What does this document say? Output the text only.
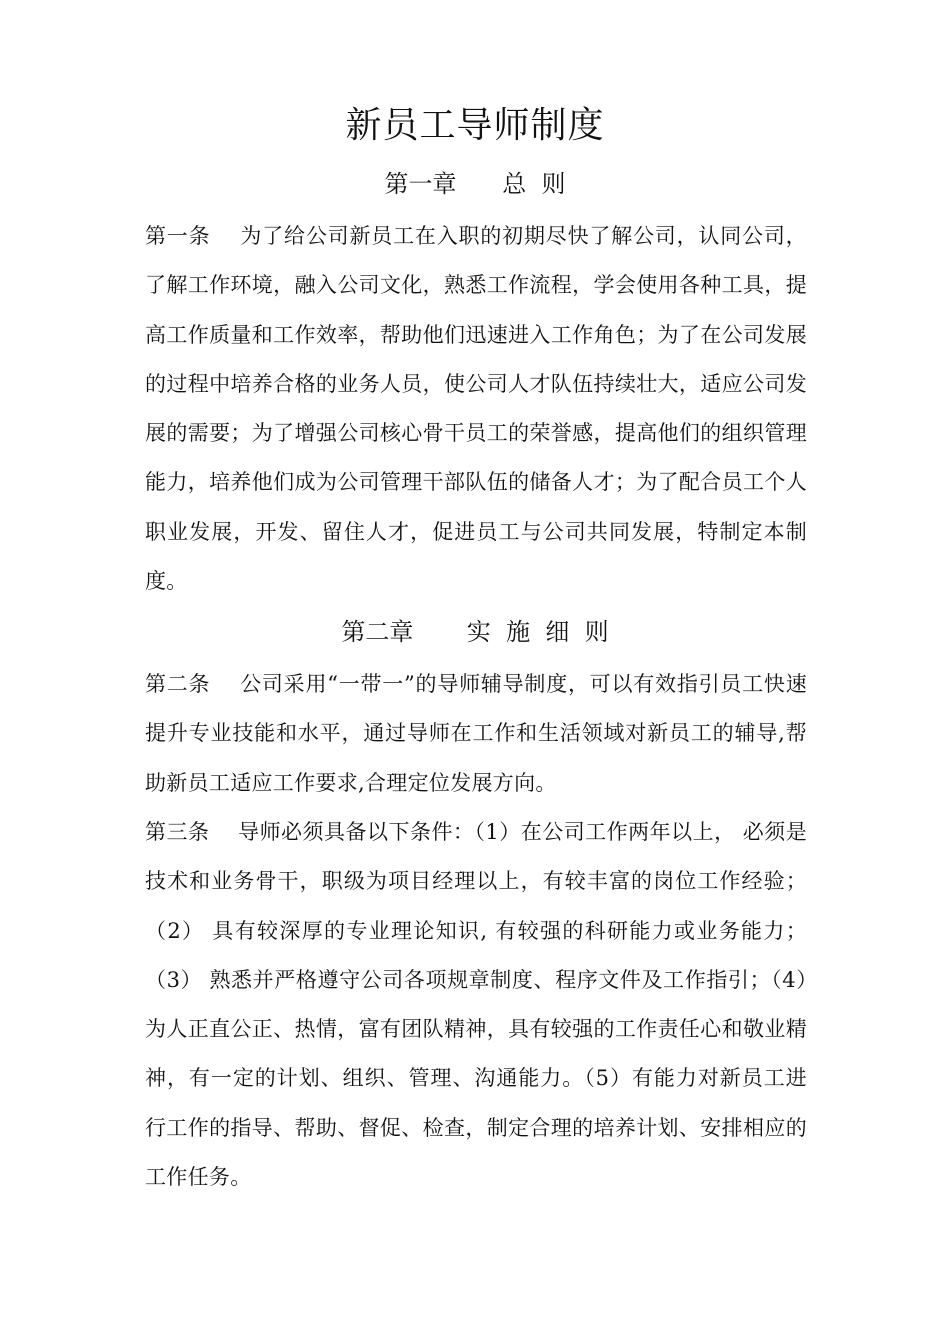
新员工导师制度
第一章      总  则

第一条 为了给公司新员工在入职的初期尽快了解公司，认同公司，了解工作环境，融入公司文化，熟悉工作流程，学会使用各种工具，提高工作质量和工作效率，帮助他们迅速进入工作角色；为了在公司发展的过程中培养合格的业务人员，使公司人才队伍持续壮大，适应公司发展的需要；为了增强公司核心骨干员工的荣誉感，提高他们的组织管理能力，培养他们成为公司管理干部队伍的储备人才；为了配合员工个人职业发展，开发、留住人才，促进员工与公司共同发展，特制定本制度。

第二章       实  施  细  则

第二条 公司采用“一带一”的导师辅导制度，可以有效指引员工快速提升专业技能和水平，通过导师在工作和生活领域对新员工的辅导,帮助新员工适应工作要求,合理定位发展方向。

第三条 导师必须具备以下条件：（1）在公司工作两年以上， 必须是技术和业务骨干，职级为项目经理以上，有较丰富的岗位工作经验；（2） 具有较深厚的专业理论知识, 有较强的科研能力或业务能力；（3） 熟悉并严格遵守公司各项规章制度、程序文件及工作指引；（4）为人正直公正、热情，富有团队精神，具有较强的工作责任心和敬业精神，有一定的计划、组织、管理、沟通能力。（5）有能力对新员工进行工作的指导、帮助、督促、检查，制定合理的培养计划、安排相应的工作任务。
